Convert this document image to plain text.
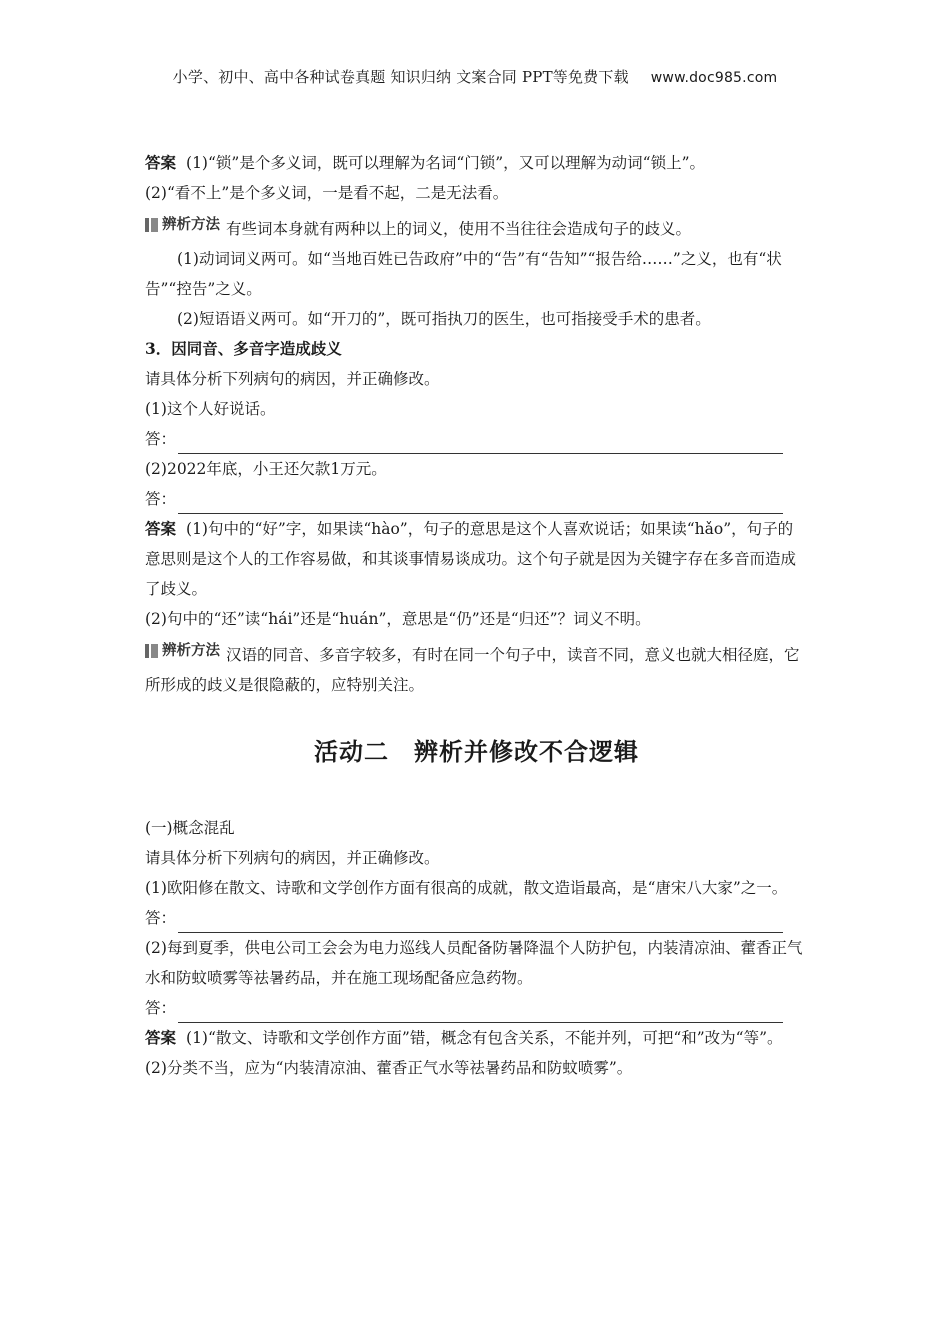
小学、初中、高中各种试卷真题 知识归纳 文案合同 PPT等免费下载 www.doc985.com

答案 (1)“锁”是个多义词，既可以理解为名词“门锁”，又可以理解为动词“锁上”。

(2)“看不上”是个多义词，一是看不起，二是无法看。

辨析方法 有些词本身就有两种以上的词义，使用不当往往会造成句子的歧义。

(1)动词词义两可。如“当地百姓已告政府”中的“告”有“告知”“报告给……”之义，也有“状告”“控告”之义。

(2)短语语义两可。如“开刀的”，既可指执刀的医生，也可指接受手术的患者。

3．因同音、多音字造成歧义

请具体分析下列病句的病因，并正确修改。

(1)这个人好说话。

答：

(2)2022年底，小王还欠款1万元。

答：

答案 (1)句中的“好”字，如果读“hào”，句子的意思是这个人喜欢说话；如果读“hǎo”，句子的意思则是这个人的工作容易做，和其谈事情易谈成功。这个句子就是因为关键字存在多音而造成了歧义。

(2)句中的“还”读“hái”还是“huán”，意思是“仍”还是“归还”？词义不明。

辨析方法 汉语的同音、多音字较多，有时在同一个句子中，读音不同，意义也就大相径庭，它所形成的歧义是很隐蔽的，应特别关注。

活动二　辨析并修改不合逻辑

(一)概念混乱

请具体分析下列病句的病因，并正确修改。

(1)欧阳修在散文、诗歌和文学创作方面有很高的成就，散文造诣最高，是“唐宋八大家”之一。

答：

(2)每到夏季，供电公司工会会为电力巡线人员配备防暑降温个人防护包，内装清凉油、藿香正气水和防蚊喷雾等祛暑药品，并在施工现场配备应急药物。

答：

答案 (1)“散文、诗歌和文学创作方面”错，概念有包含关系，不能并列，可把“和”改为“等”。

(2)分类不当，应为“内装清凉油、藿香正气水等祛暑药品和防蚊喷雾”。
